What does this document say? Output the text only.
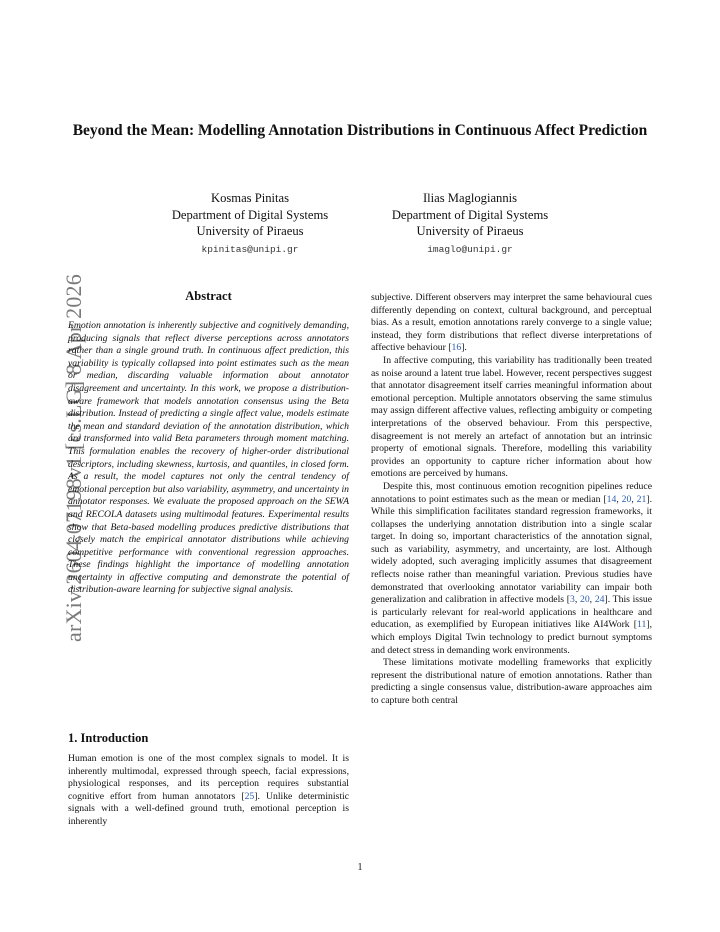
arXiv:2604.07198v1 [cs.LG] 8 Apr 2026
Beyond the Mean: Modelling Annotation Distributions in Continuous Affect Prediction
Kosmas Pinitas
Department of Digital Systems
University of Piraeus
kpinitas@unipi.gr
Ilias Maglogiannis
Department of Digital Systems
University of Piraeus
imaglo@unipi.gr
Abstract
Emotion annotation is inherently subjective and cognitively demanding, producing signals that reflect diverse perceptions across annotators rather than a single ground truth. In continuous affect prediction, this variability is typically collapsed into point estimates such as the mean or median, discarding valuable information about annotator disagreement and uncertainty. In this work, we propose a distribution-aware framework that models annotation consensus using the Beta distribution. Instead of predicting a single affect value, models estimate the mean and standard deviation of the annotation distribution, which are transformed into valid Beta parameters through moment matching. This formulation enables the recovery of higher-order distributional descriptors, including skewness, kurtosis, and quantiles, in closed form. As a result, the model captures not only the central tendency of emotional perception but also variability, asymmetry, and uncertainty in annotator responses. We evaluate the proposed approach on the SEWA and RECOLA datasets using multimodal features. Experimental results show that Beta-based modelling produces predictive distributions that closely match the empirical annotator distributions while achieving competitive performance with conventional regression approaches. These findings highlight the importance of modelling annotation uncertainty in affective computing and demonstrate the potential of distribution-aware learning for subjective signal analysis.
1. Introduction
Human emotion is one of the most complex signals to model. It is inherently multimodal, expressed through speech, facial expressions, physiological responses, and its perception requires substantial cognitive effort from human annotators [25]. Unlike deterministic signals with a well-defined ground truth, emotional perception is inherently

subjective. Different observers may interpret the same behavioural cues differently depending on context, cultural background, and perceptual bias. As a result, emotion annotations rarely converge to a single value; instead, they form distributions that reflect diverse interpretations of affective behaviour [16].

In affective computing, this variability has traditionally been treated as noise around a latent true label. However, recent perspectives suggest that annotator disagreement itself carries meaningful information about emotional perception. Multiple annotators observing the same stimulus may assign different affective values, reflecting ambiguity or competing interpretations of the observed behaviour. From this perspective, disagreement is not merely an artefact of annotation but an intrinsic property of emotional signals. Therefore, modelling this variability provides an opportunity to capture richer information about how emotions are perceived by humans.

Despite this, most continuous emotion recognition pipelines reduce annotations to point estimates such as the mean or median [14, 20, 21]. While this simplification facilitates standard regression frameworks, it collapses the underlying annotation distribution into a single scalar target. In doing so, important characteristics of the annotation signal, such as variability, asymmetry, and uncertainty, are lost. Although widely adopted, such averaging implicitly assumes that disagreement reflects noise rather than meaningful variation. Previous studies have demonstrated that overlooking annotator variability can impair both generalization and calibration in affective models [3, 20, 24]. This issue is particularly relevant for real-world applications in healthcare and education, as exemplified by European initiatives like AI4Work [11], which employs Digital Twin technology to predict burnout symptoms and detect stress in demanding work environments.

These limitations motivate modelling frameworks that explicitly represent the distributional nature of emotion annotations. Rather than predicting a single consensus value, distribution-aware approaches aim to capture both central

1
